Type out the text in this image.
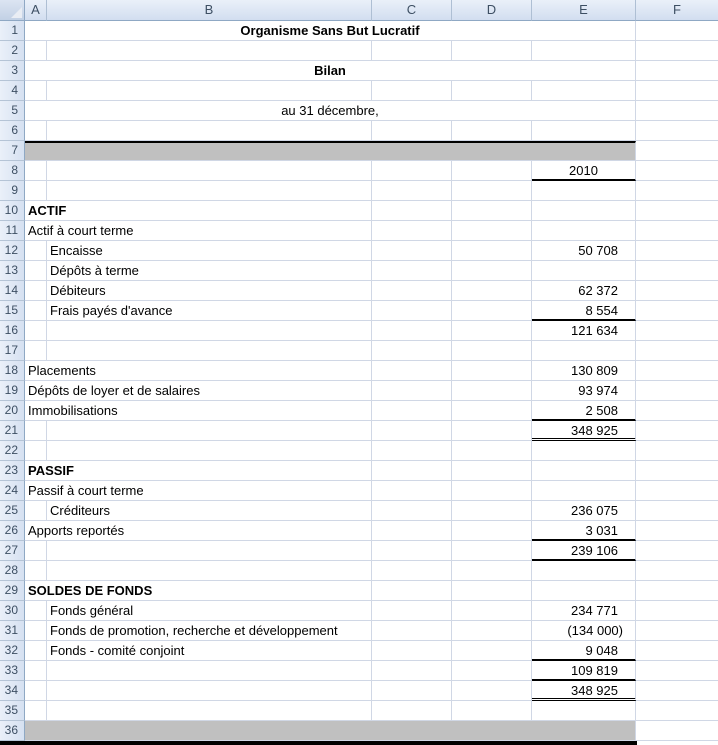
A	B	C	D	E	F
1	Organisme Sans But Lucratif
2
3	Bilan
4
5	au 31 décembre,
6
7
8	2010
9
10 ACTIF
11 Actif à court terme
12	Encaisse	50 708
13	Dépôts à terme
14	Débiteurs	62 372
15	Frais payés d'avance	8 554
16	121 634
17
18 Placements	130 809
19 Dépôts de loyer et de salaires	93 974
20 Immobilisations	2 508
21	348 925
22
23 PASSIF
24 Passif à court terme
25	Créditeurs	236 075
26 Apports reportés	3 031
27	239 106
28
29 SOLDES DE FONDS
30	Fonds général	234 771
31	Fonds de promotion, recherche et développement	(134 000)
32	Fonds - comité conjoint	9 048
33	109 819
34	348 925
35
36
